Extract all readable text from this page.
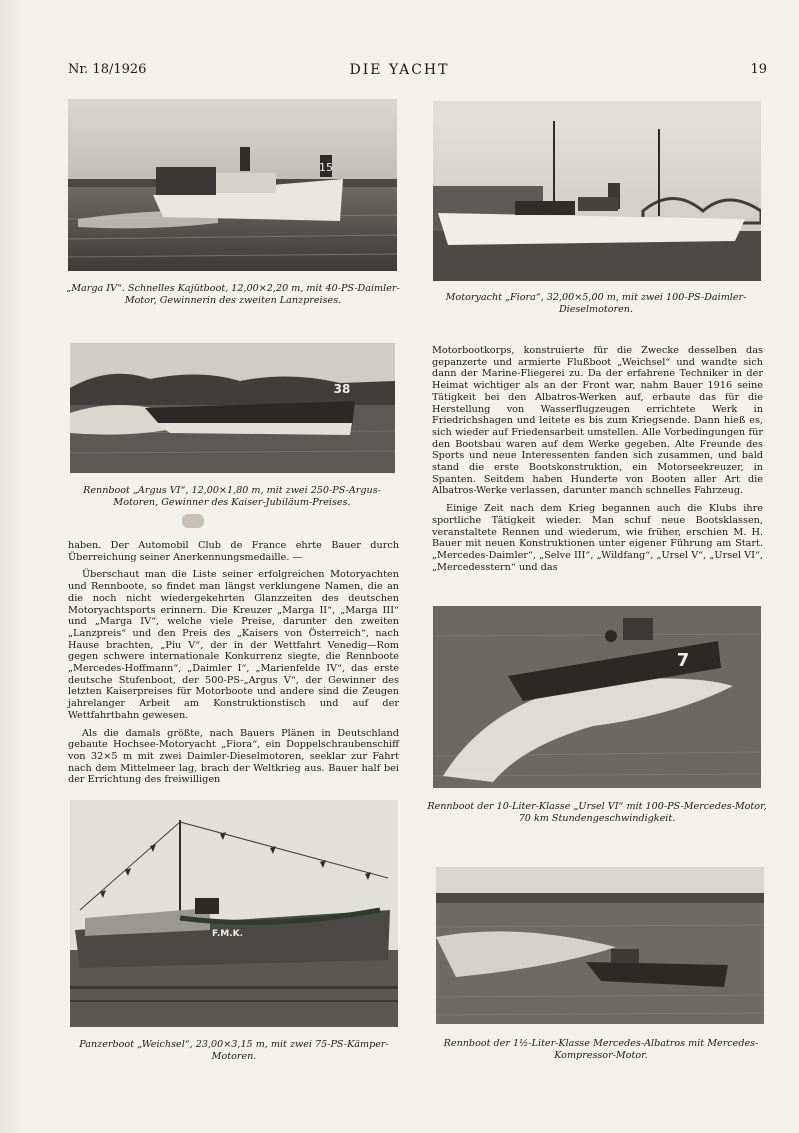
Nr. 18/1926	DIE YACHT	19
15
„Marga IV“. Schnelles Kajütboot, 12,00×2,20 m, mit 40-PS-Daimler-Motor, Gewinnerin des zweiten Lanzpreises.	Motoryacht „Fiora“, 32,00×5,00 m, mit zwei 100-PS-Daimler-Dieselmotoren.
38
Rennboot „Argus VI“, 12,00×1,80 m, mit zwei 250-PS-Argus-Motoren, Gewinner des Kaiser-Jubiläum-Preises.

haben. Der Automobil Club de France ehrte Bauer durch Überreichung seiner Anerkennungsmedaille. —

Überschaut man die Liste seiner erfolgreichen Motoryachten und Rennboote, so findet man längst verklungene Namen, die an die noch nicht wiedergekehrten Glanzzeiten des deutschen Motoryachtsports erinnern. Die Kreuzer „Marga II“, „Marga III“ und „Marga IV“, welche viele Preise, darunter den zweiten „Lanzpreis“ und den Preis des „Kaisers von Österreich“, nach Hause brachten, „Piu V“, der in der Wettfahrt Venedig—Rom gegen schwere internationale Konkurrenz siegte, die Rennboote „Mercedes-Hoffmann“, „Daimler I“, „Marienfelde IV“, das erste deutsche Stufenboot, der 500-PS-„Argus V“, der Gewinner des letzten Kaiserpreises für Motorboote und andere sind die Zeugen jahrelanger Arbeit am Konstruktionstisch und auf der Wettfahrtbahn gewesen.

Als die damals größte, nach Bauers Plänen in Deutschland gebaute Hochsee-Motoryacht „Fiora“, ein Doppelschraubenschiff von 32×5 m mit zwei Daimler-Dieselmotoren, seeklar zur Fahrt nach dem Mittelmeer lag, brach der Weltkrieg aus. Bauer half bei der Errichtung des freiwilligen

Motorbootkorps, konstruierte für die Zwecke desselben das gepanzerte und armierte Flußboot „Weichsel“ und wandte sich dann der Marine-Fliegerei zu. Da der erfahrene Techniker in der Heimat wichtiger als an der Front war, nahm Bauer 1916 seine Tätigkeit bei den Albatros-Werken auf, erbaute das für die Herstellung von Wasserflugzeugen errichtete Werk in Friedrichshagen und leitete es bis zum Kriegsende. Dann hieß es, sich wieder auf Friedensarbeit umstellen. Alle Vorbedingungen für den Bootsbau waren auf dem Werke gegeben. Alte Freunde des Sports und neue Interessenten fanden sich zusammen, und bald stand die erste Bootskonstruktion, ein Motorseekreuzer, in Spanten. Seitdem haben Hunderte von Booten aller Art die Albatros-Werke verlassen, darunter manch schnelles Fahrzeug.

Einige Zeit nach dem Krieg begannen auch die Klubs ihre sportliche Tätigkeit wieder. Man schuf neue Bootsklassen, veranstaltete Rennen und wiederum, wie früher, erschien M. H. Bauer mit neuen Konstruktionen unter eigener Führung am Start. „Mercedes-Daimler“, „Selve III“, „Wildfang“, „Ursel V“, „Ursel VI“, „Mercedesstern“ und das

7
Rennboot der 10-Liter-Klasse „Ursel VI“ mit 100-PS-Mercedes-Motor, 70 km Stundengeschwindigkeit.
F.M.K.
Panzerboot „Weichsel“, 23,00×3,15 m, mit zwei 75-PS-Kämper-Motoren.
Rennboot der 1½-Liter-Klasse Mercedes-Albatros mit Mercedes-Kompressor-Motor.
